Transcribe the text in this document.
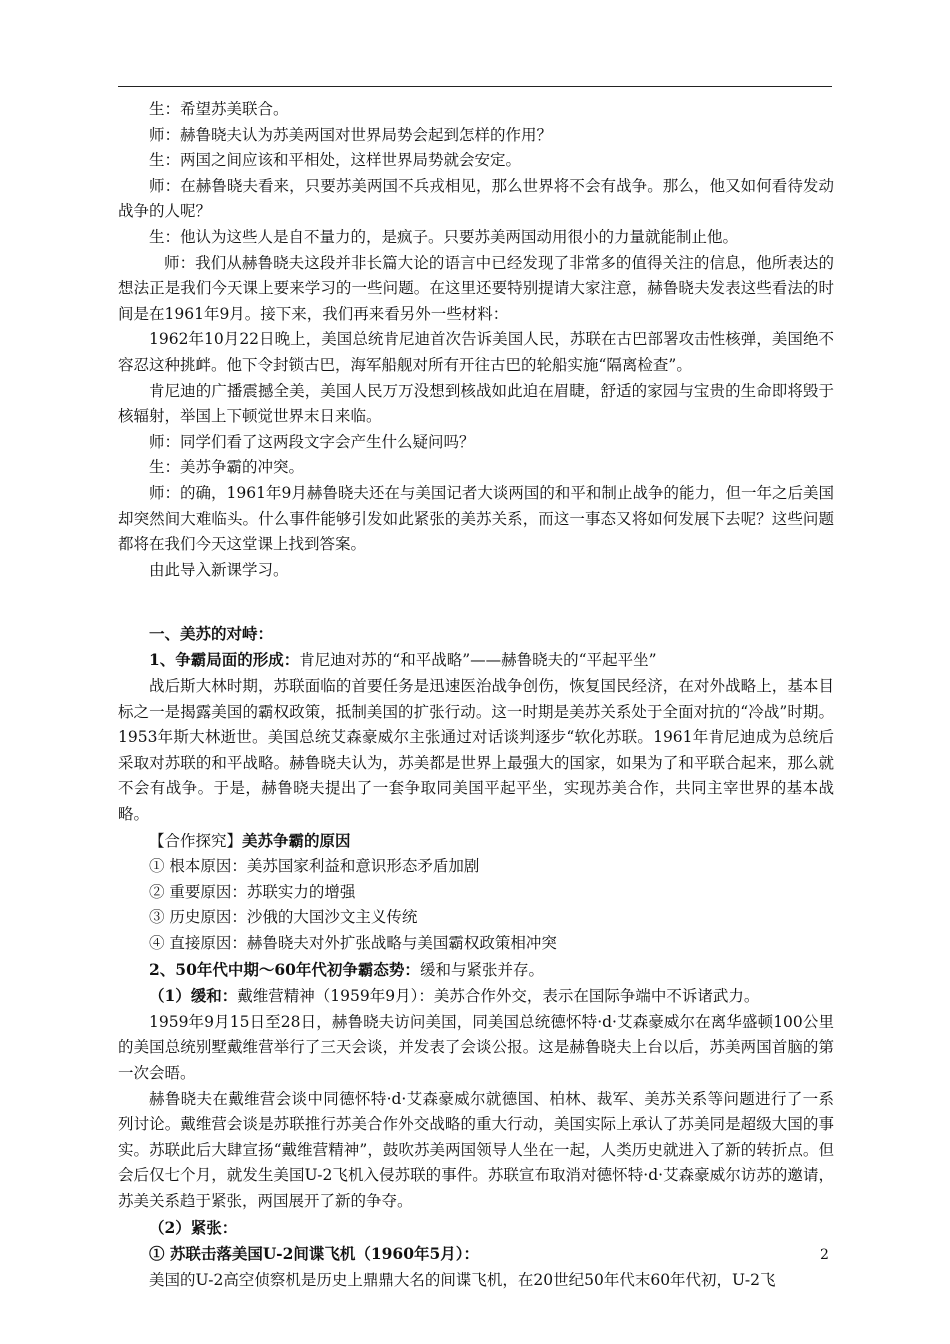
生：希望苏美联合。

师：赫鲁晓夫认为苏美两国对世界局势会起到怎样的作用？

生：两国之间应该和平相处，这样世界局势就会安定。

师：在赫鲁晓夫看来，只要苏美两国不兵戎相见，那么世界将不会有战争。那么，他又如何看待发动战争的人呢？

生：他认为这些人是自不量力的，是疯子。只要苏美两国动用很小的力量就能制止他。

师：我们从赫鲁晓夫这段并非长篇大论的语言中已经发现了非常多的值得关注的信息，他所表达的想法正是我们今天课上要来学习的一些问题。在这里还要特别提请大家注意，赫鲁晓夫发表这些看法的时间是在1961年9月。接下来，我们再来看另外一些材料：

1962年10月22日晚上，美国总统肯尼迪首次告诉美国人民，苏联在古巴部署攻击性核弹，美国绝不容忍这种挑衅。他下令封锁古巴，海军船舰对所有开往古巴的轮船实施“隔离检查”。

肯尼迪的广播震撼全美，美国人民万万没想到核战如此迫在眉睫，舒适的家园与宝贵的生命即将毁于核辐射，举国上下顿觉世界末日来临。

师：同学们看了这两段文字会产生什么疑问吗？

生：美苏争霸的冲突。

师：的确，1961年9月赫鲁晓夫还在与美国记者大谈两国的和平和制止战争的能力，但一年之后美国却突然间大难临头。什么事件能够引发如此紧张的美苏关系，而这一事态又将如何发展下去呢？这些问题都将在我们今天这堂课上找到答案。

由此导入新课学习。

一、美苏的对峙：

1、争霸局面的形成：肯尼迪对苏的“和平战略”——赫鲁晓夫的“平起平坐”

战后斯大林时期，苏联面临的首要任务是迅速医治战争创伤，恢复国民经济，在对外战略上，基本目标之一是揭露美国的霸权政策，抵制美国的扩张行动。这一时期是美苏关系处于全面对抗的“冷战”时期。1953年斯大林逝世。美国总统艾森豪威尔主张通过对话谈判逐步“软化苏联。1961年肯尼迪成为总统后采取对苏联的和平战略。赫鲁晓夫认为，苏美都是世界上最强大的国家，如果为了和平联合起来，那么就不会有战争。于是，赫鲁晓夫提出了一套争取同美国平起平坐，实现苏美合作，共同主宰世界的基本战略。

【合作探究】美苏争霸的原因

① 根本原因：美苏国家利益和意识形态矛盾加剧

② 重要原因：苏联实力的增强

③ 历史原因：沙俄的大国沙文主义传统

④ 直接原因：赫鲁晓夫对外扩张战略与美国霸权政策相冲突

2、50年代中期～60年代初争霸态势：缓和与紧张并存。

（1）缓和：戴维营精神（1959年9月）：美苏合作外交，表示在国际争端中不诉诸武力。

1959年9月15日至28日，赫鲁晓夫访问美国，同美国总统德怀特·d·艾森豪威尔在离华盛顿100公里的美国总统别墅戴维营举行了三天会谈，并发表了会谈公报。这是赫鲁晓夫上台以后，苏美两国首脑的第一次会晤。

赫鲁晓夫在戴维营会谈中同德怀特·d·艾森豪威尔就德国、柏林、裁军、美苏关系等问题进行了一系列讨论。戴维营会谈是苏联推行苏美合作外交战略的重大行动，美国实际上承认了苏美同是超级大国的事实。苏联此后大肆宣扬“戴维营精神”，鼓吹苏美两国领导人坐在一起，人类历史就进入了新的转折点。但会后仅七个月，就发生美国U-2飞机入侵苏联的事件。苏联宣布取消对德怀特·d·艾森豪威尔访苏的邀请，苏美关系趋于紧张，两国展开了新的争夺。

（2）紧张：

① 苏联击落美国U-2间谍飞机（1960年5月）：

美国的U-2高空侦察机是历史上鼎鼎大名的间谍飞机，在20世纪50年代末60年代初，U-2飞

2
